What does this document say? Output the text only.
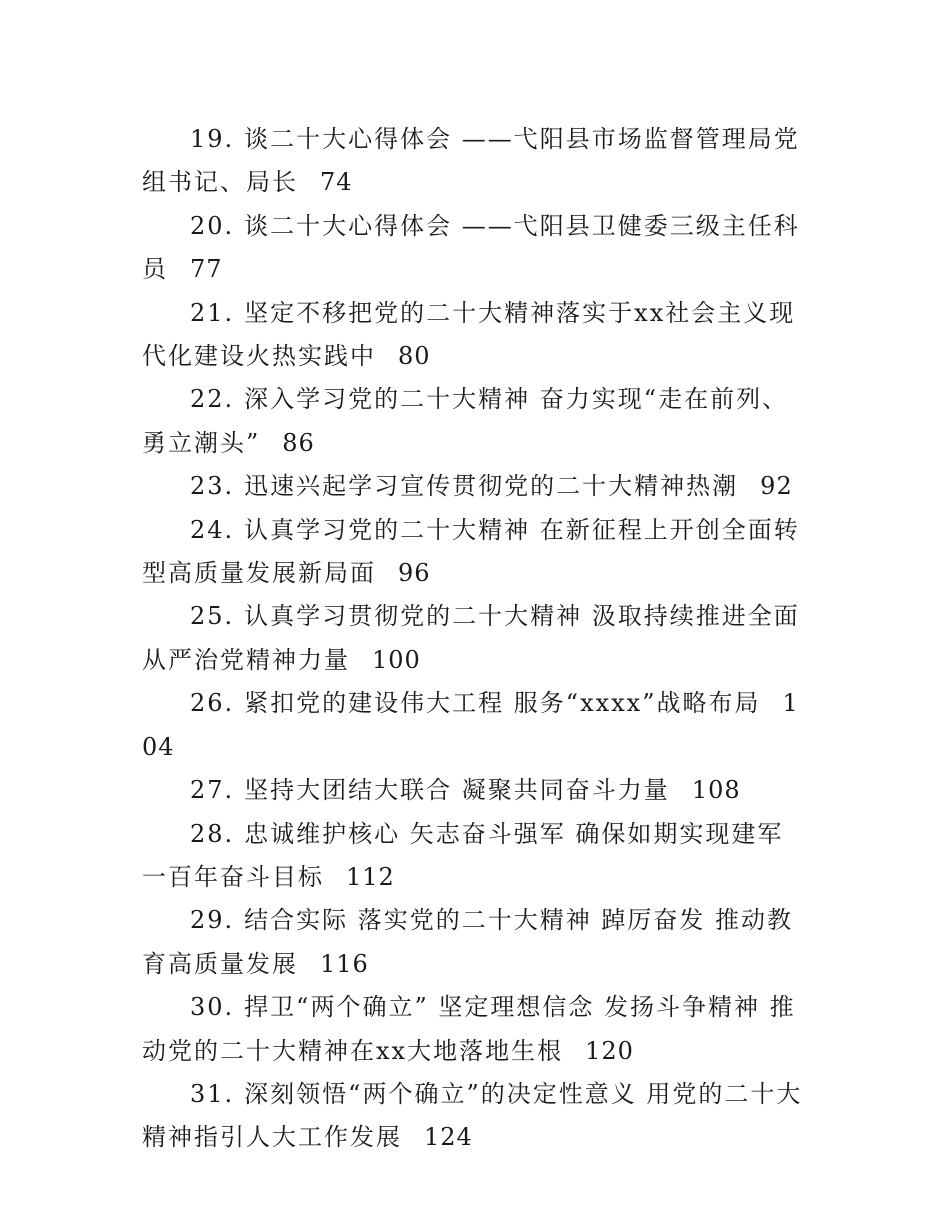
19. 谈二十大心得体会 ——弋阳县市场监督管理局党组书记、局长 74

20. 谈二十大心得体会 ——弋阳县卫健委三级主任科员 77

21. 坚定不移把党的二十大精神落实于xx社会主义现代化建设火热实践中 80

22. 深入学习党的二十大精神 奋力实现“走在前列、勇立潮头” 86

23. 迅速兴起学习宣传贯彻党的二十大精神热潮 92

24. 认真学习党的二十大精神 在新征程上开创全面转型高质量发展新局面 96

25. 认真学习贯彻党的二十大精神 汲取持续推进全面从严治党精神力量 100

26. 紧扣党的建设伟大工程 服务“xxxx”战略布局 104

27. 坚持大团结大联合 凝聚共同奋斗力量 108

28. 忠诚维护核心 矢志奋斗强军 确保如期实现建军一百年奋斗目标 112

29. 结合实际 落实党的二十大精神 踔厉奋发 推动教育高质量发展 116

30. 捍卫“两个确立” 坚定理想信念 发扬斗争精神 推动党的二十大精神在xx大地落地生根 120

31. 深刻领悟“两个确立”的决定性意义 用党的二十大精神指引人大工作发展 124
